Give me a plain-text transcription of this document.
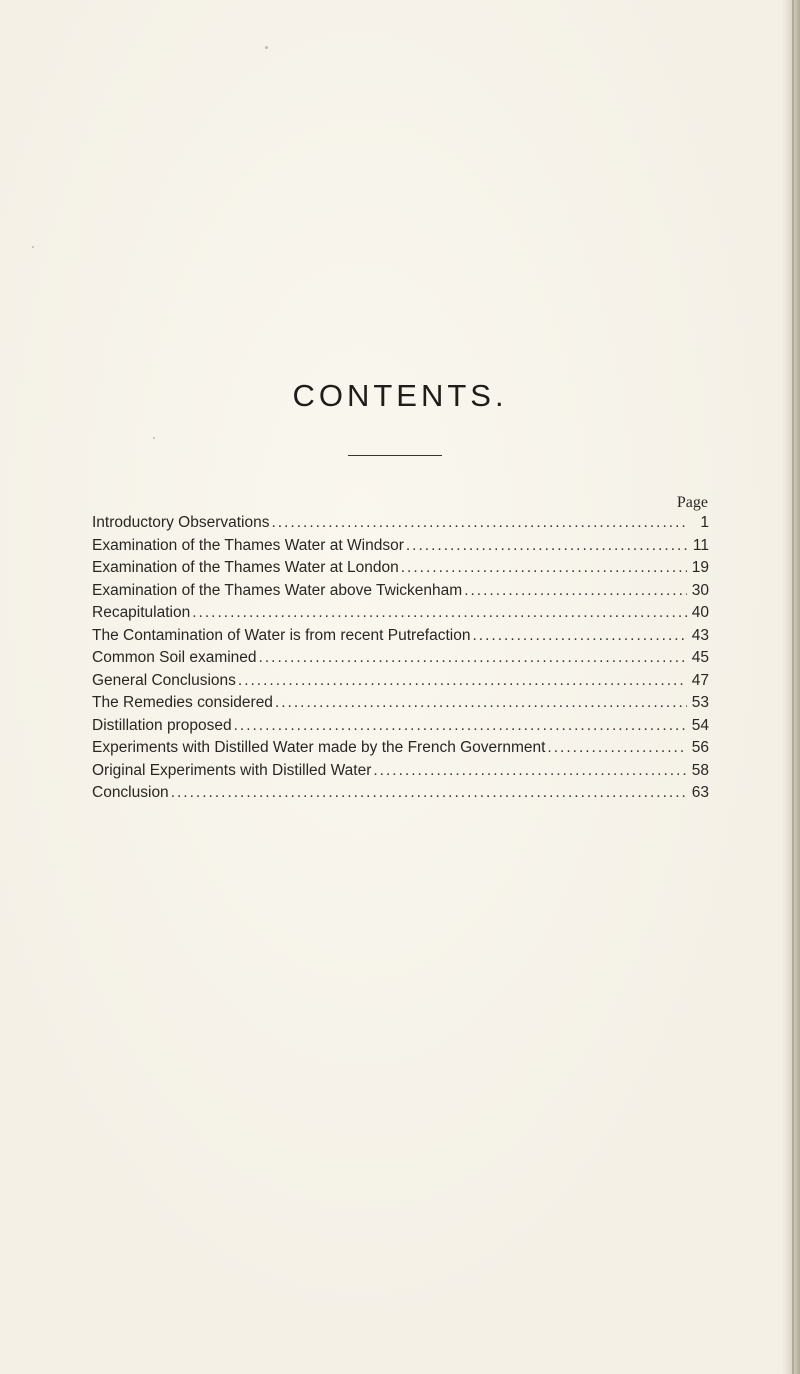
CONTENTS.
Page
Introductory Observations .....	1
Examination of the Thames Water at Windsor .....	11
Examination of the Thames Water at London .....	19
Examination of the Thames Water above Twickenham .....	30
Recapitulation .....	40
The Contamination of Water is from recent Putrefaction .....	43
Common Soil examined .....	45
General Conclusions .....	47
The Remedies considered .....	53
Distillation proposed .....	54
Experiments with Distilled Water made by the French Government .....	56
Original Experiments with Distilled Water .....	58
Conclusion .....	63
